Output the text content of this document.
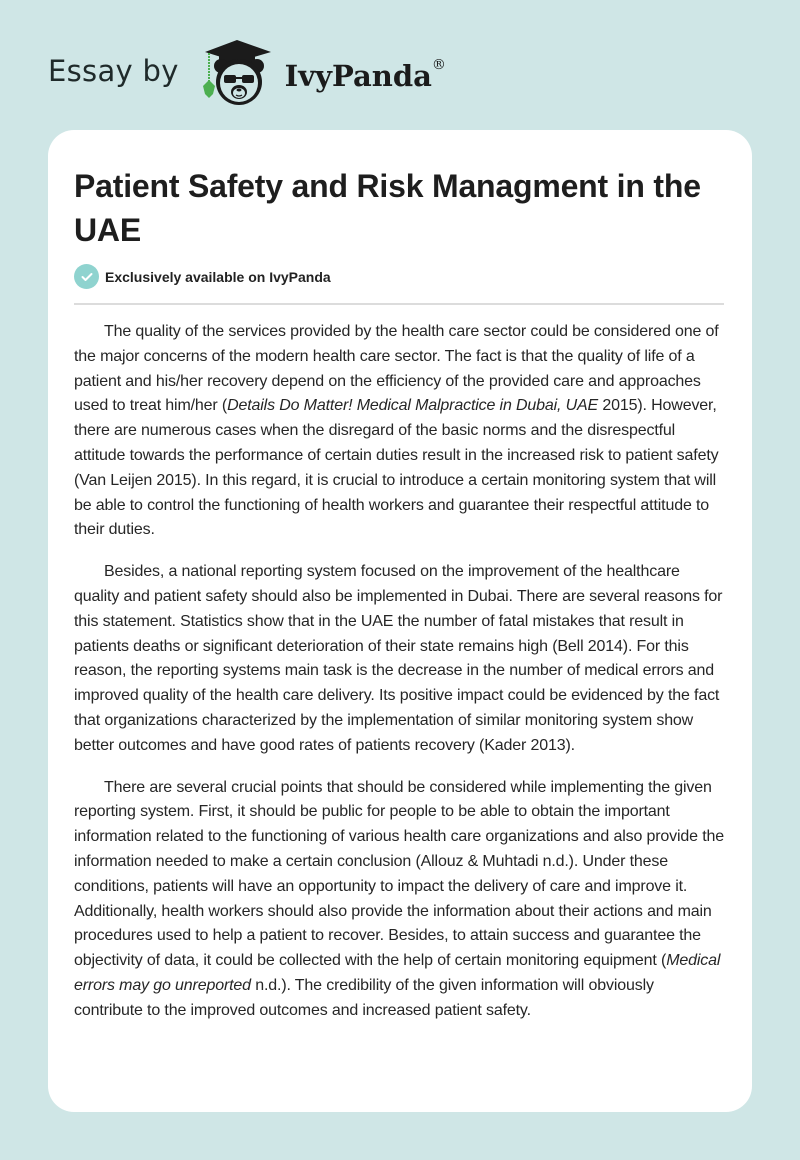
Essay by	IvyPanda®
Patient Safety and Risk Managment in the UAE
Exclusively available on IvyPanda

The quality of the services provided by the health care sector could be considered one of the major concerns of the modern health care sector. The fact is that the quality of life of a patient and his/her recovery depend on the efficiency of the provided care and approaches used to treat him/her (Details Do Matter! Medical Malpractice in Dubai, UAE 2015). However, there are numerous cases when the disregard of the basic norms and the disrespectful attitude towards the performance of certain duties result in the increased risk to patient safety (Van Leijen 2015). In this regard, it is crucial to introduce a certain monitoring system that will be able to control the functioning of health workers and guarantee their respectful attitude to their duties.

Besides, a national reporting system focused on the improvement of the healthcare quality and patient safety should also be implemented in Dubai. There are several reasons for this statement. Statistics show that in the UAE the number of fatal mistakes that result in patients deaths or significant deterioration of their state remains high (Bell 2014). For this reason, the reporting systems main task is the decrease in the number of medical errors and improved quality of the health care delivery. Its positive impact could be evidenced by the fact that organizations characterized by the implementation of similar monitoring system show better outcomes and have good rates of patients recovery (Kader 2013).

There are several crucial points that should be considered while implementing the given reporting system. First, it should be public for people to be able to obtain the important information related to the functioning of various health care organizations and also provide the information needed to make a certain conclusion (Allouz & Muhtadi n.d.). Under these conditions, patients will have an opportunity to impact the delivery of care and improve it. Additionally, health workers should also provide the information about their actions and main procedures used to help a patient to recover. Besides, to attain success and guarantee the objectivity of data, it could be collected with the help of certain monitoring equipment (Medical errors may go unreported n.d.). The credibility of the given information will obviously contribute to the improved outcomes and increased patient safety.
